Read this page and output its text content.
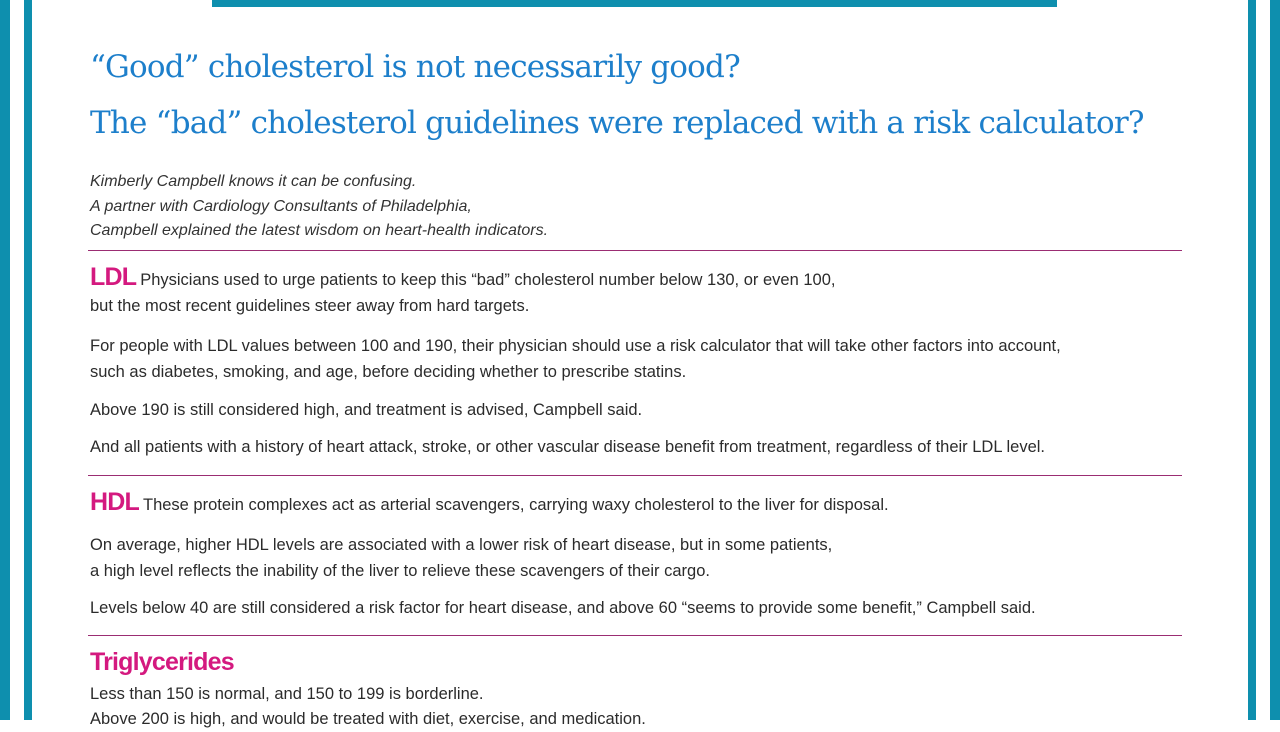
“Good” cholesterol is not necessarily good?
The “bad” cholesterol guidelines were replaced with a risk calculator?
Kimberly Campbell knows it can be confusing.
A partner with Cardiology Consultants of Philadelphia,
Campbell explained the latest wisdom on heart-health indicators.

LDL Physicians used to urge patients to keep this “bad” cholesterol number below 130, or even 100,
but the most recent guidelines steer away from hard targets.

For people with LDL values between 100 and 190, their physician should use a risk calculator that will take other factors into account,
such as diabetes, smoking, and age, before deciding whether to prescribe statins.

Above 190 is still considered high, and treatment is advised, Campbell said.

And all patients with a history of heart attack, stroke, or other vascular disease benefit from treatment, regardless of their LDL level.

HDL These protein complexes act as arterial scavengers, carrying waxy cholesterol to the liver for disposal.

On average, higher HDL levels are associated with a lower risk of heart disease, but in some patients,
a high level reflects the inability of the liver to relieve these scavengers of their cargo.

Levels below 40 are still considered a risk factor for heart disease, and above 60 “seems to provide some benefit,” Campbell said.

Triglycerides

Less than 150 is normal, and 150 to 199 is borderline.

Above 200 is high, and would be treated with diet, exercise, and medication.
